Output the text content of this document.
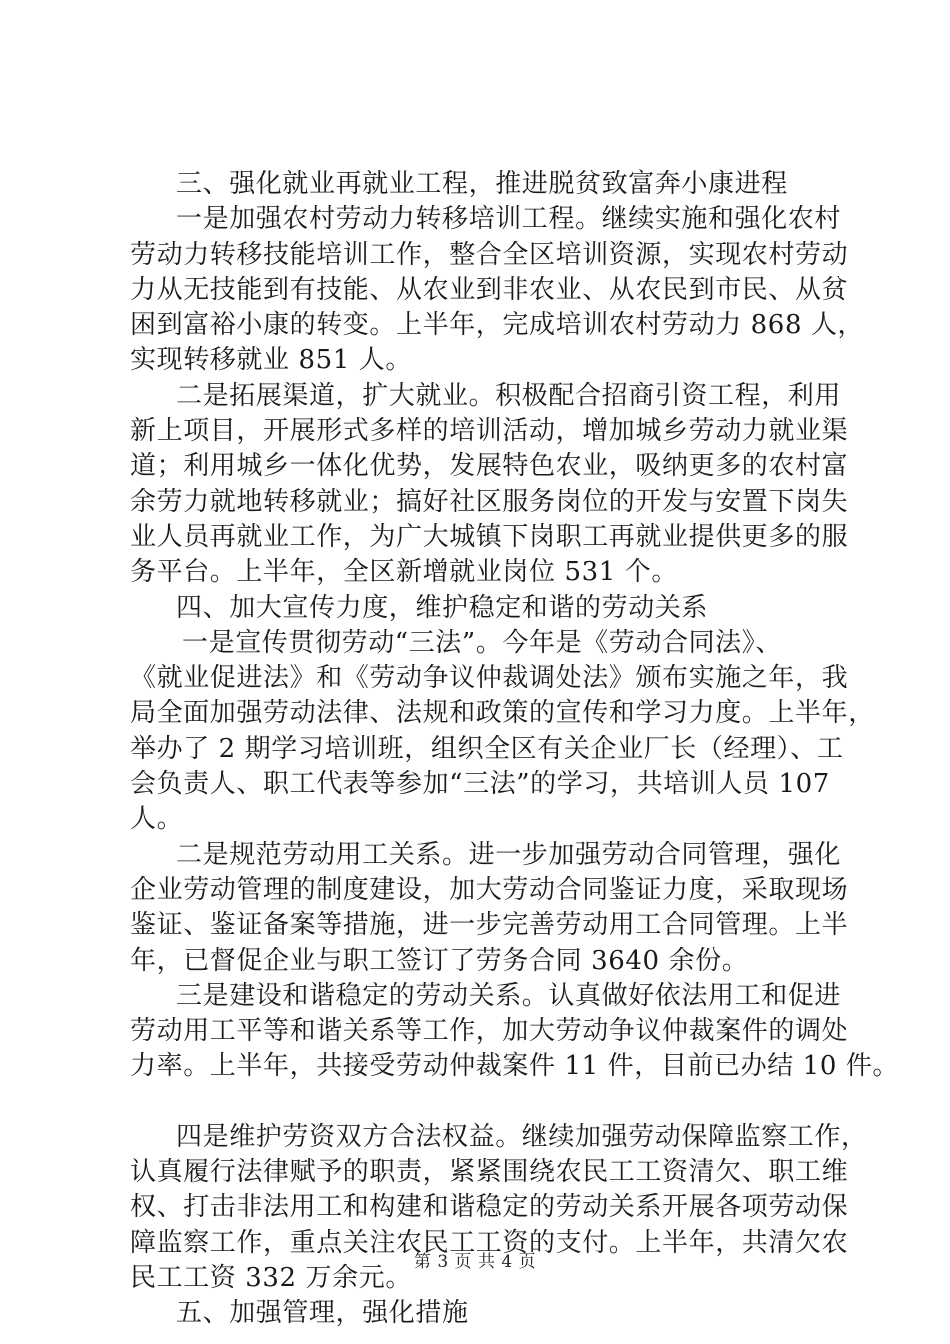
三、强化就业再就业工程，推进脱贫致富奔小康进程
一是加强农村劳动力转移培训工程。继续实施和强化农村
劳动力转移技能培训工作，整合全区培训资源，实现农村劳动
力从无技能到有技能、从农业到非农业、从农民到市民、从贫
困到富裕小康的转变。上半年，完成培训农村劳动力 868 人，
实现转移就业 851 人。
二是拓展渠道，扩大就业。积极配合招商引资工程，利用
新上项目，开展形式多样的培训活动，增加城乡劳动力就业渠
道；利用城乡一体化优势，发展特色农业，吸纳更多的农村富
余劳力就地转移就业；搞好社区服务岗位的开发与安置下岗失
业人员再就业工作，为广大城镇下岗职工再就业提供更多的服
务平台。上半年，全区新增就业岗位 531 个。
四、加大宣传力度，维护稳定和谐的劳动关系
一是宣传贯彻劳动“三法”。今年是《劳动合同法》、
《就业促进法》和《劳动争议仲裁调处法》颁布实施之年，我
局全面加强劳动法律、法规和政策的宣传和学习力度。上半年，
举办了 2 期学习培训班，组织全区有关企业厂长（经理）、工
会负责人、职工代表等参加“三法”的学习，共培训人员 107
人。
二是规范劳动用工关系。进一步加强劳动合同管理，强化
企业劳动管理的制度建设，加大劳动合同鉴证力度，采取现场
鉴证、鉴证备案等措施，进一步完善劳动用工合同管理。上半
年，已督促企业与职工签订了劳务合同 3640 余份。
三是建设和谐稳定的劳动关系。认真做好依法用工和促进
劳动用工平等和谐关系等工作，加大劳动争议仲裁案件的调处
力率。上半年，共接受劳动仲裁案件 11 件，目前已办结 10 件。
四是维护劳资双方合法权益。继续加强劳动保障监察工作，
认真履行法律赋予的职责，紧紧围绕农民工工资清欠、职工维
权、打击非法用工和构建和谐稳定的劳动关系开展各项劳动保
障监察工作，重点关注农民工工资的支付。上半年，共清欠农
民工工资 332 万余元。
五、加强管理，强化措施
第 3 页 共 4 页
